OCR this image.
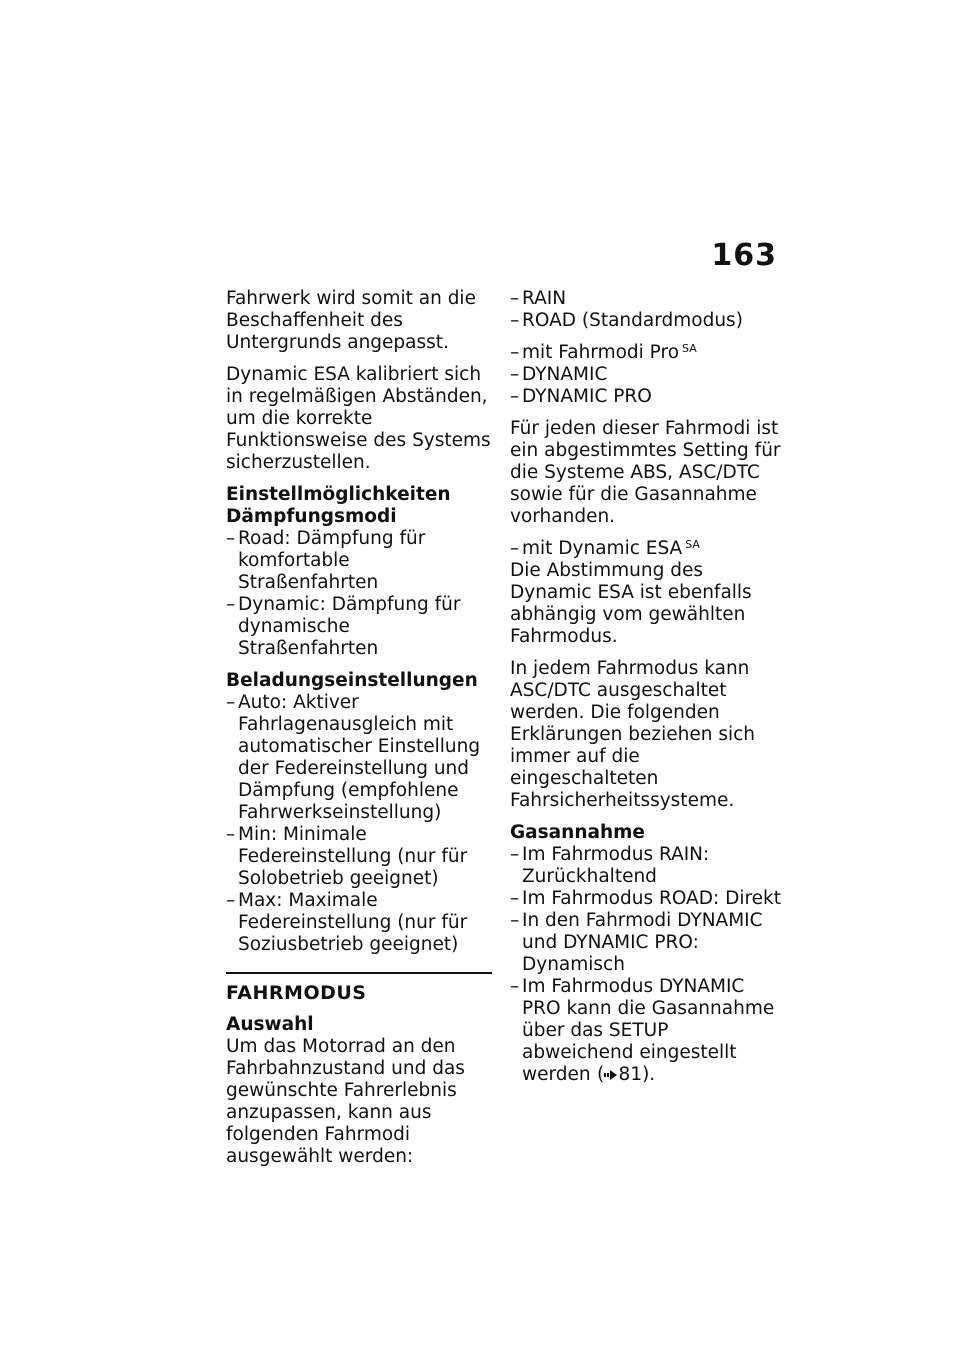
163

Fahrwerk wird somit an die Beschaffenheit des Untergrunds angepasst.

Dynamic ESA kalibriert sich in regelmäßigen Abständen, um die korrekte Funktionsweise des Systems sicherzustellen.

Einstellmöglichkeiten

Dämpfungsmodi

– Road: Dämpfung für komfortable Straßenfahrten
– Dynamic: Dämpfung für dynamische Straßenfahrten

Beladungseinstellungen

– Auto: Aktiver Fahrlagenausgleich mit automatischer Einstellung der Federeinstellung und Dämpfung (empfohlene Fahrwerkseinstellung)
– Min: Minimale Federeinstellung (nur für Solobetrieb geeignet)
– Max: Maximale Federeinstellung (nur für Soziusbetrieb geeignet)

FAHRMODUS

Auswahl

Um das Motorrad an den Fahrbahnzustand und das gewünschte Fahrerlebnis anzupassen, kann aus folgenden Fahrmodi ausgewählt werden:

– RAIN
– ROAD (Standardmodus)
– mit Fahrmodi Pro $^{SA}$
– DYNAMIC
– DYNAMIC PRO

Für jeden dieser Fahrmodi ist ein abgestimmtes Setting für die Systeme ABS, ASC/DTC sowie für die Gasannahme vorhanden.

– mit Dynamic ESA $^{SA}$

Die Abstimmung des Dynamic ESA ist ebenfalls abhängig vom gewählten Fahrmodus.

In jedem Fahrmodus kann ASC/DTC ausgeschaltet werden. Die folgenden Erklärungen beziehen sich immer auf die eingeschalteten Fahrsicherheitssysteme.

Gasannahme

– Im Fahrmodus RAIN: Zurückhaltend
– Im Fahrmodus ROAD: Direkt
– In den Fahrmodi DYNAMIC und DYNAMIC PRO: Dynamisch
– Im Fahrmodus DYNAMIC PRO kann die Gasannahme über das SETUP abweichend eingestellt werden ( 81).
